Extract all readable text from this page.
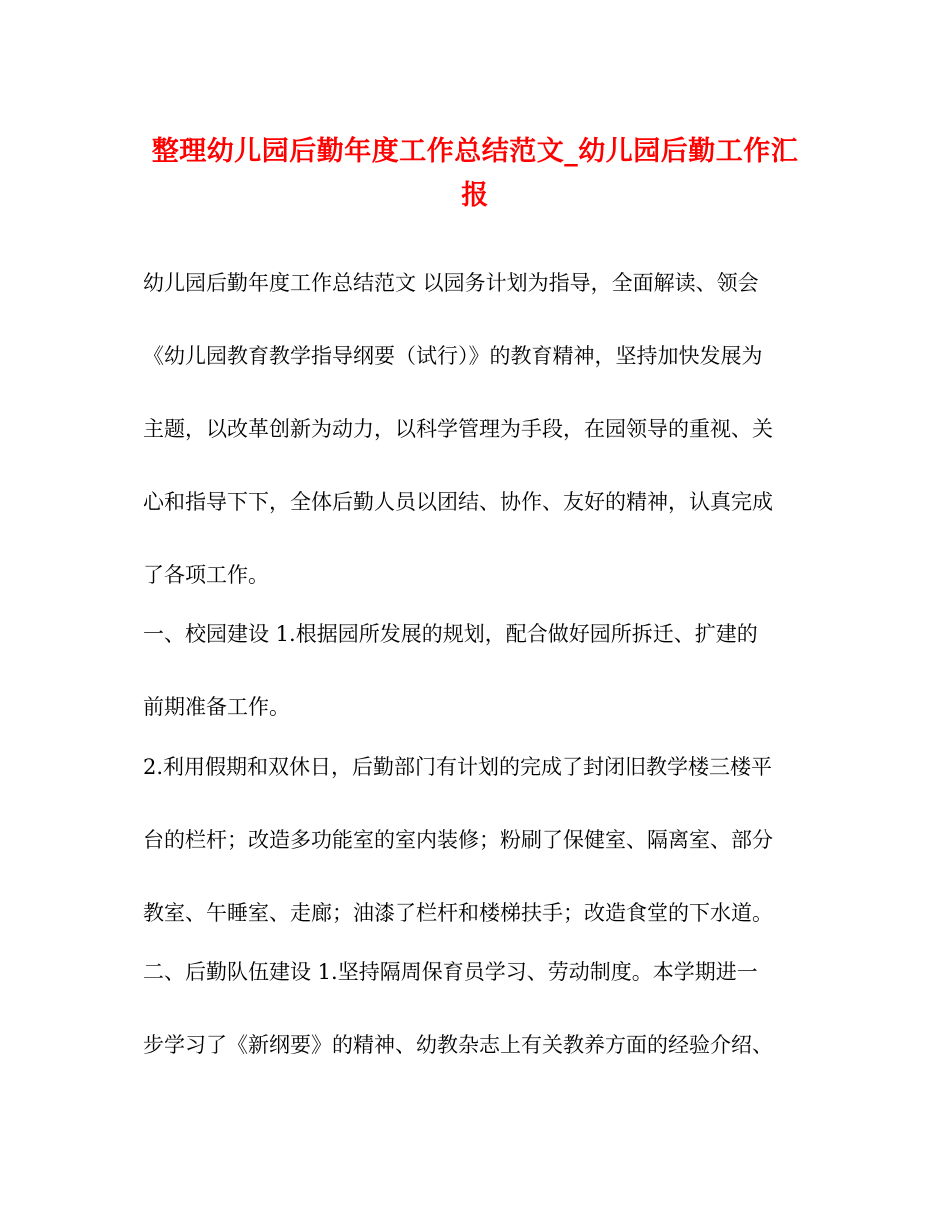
整理幼儿园后勤年度工作总结范文_幼儿园后勤工作汇
报

幼儿园后勤年度工作总结范文 以园务计划为指导，全面解读、领会

《幼儿园教育教学指导纲要（试行）》的教育精神，坚持加快发展为

主题，以改革创新为动力，以科学管理为手段，在园领导的重视、关

心和指导下下，全体后勤人员以团结、协作、友好的精神，认真完成

了各项工作。

一、校园建设 1.根据园所发展的规划，配合做好园所拆迁、扩建的

前期准备工作。

2.利用假期和双休日，后勤部门有计划的完成了封闭旧教学楼三楼平

台的栏杆；改造多功能室的室内装修；粉刷了保健室、隔离室、部分

教室、午睡室、走廊；油漆了栏杆和楼梯扶手；改造食堂的下水道。

二、后勤队伍建设 1.坚持隔周保育员学习、劳动制度。本学期进一

步学习了《新纲要》的精神、幼教杂志上有关教养方面的经验介绍、
